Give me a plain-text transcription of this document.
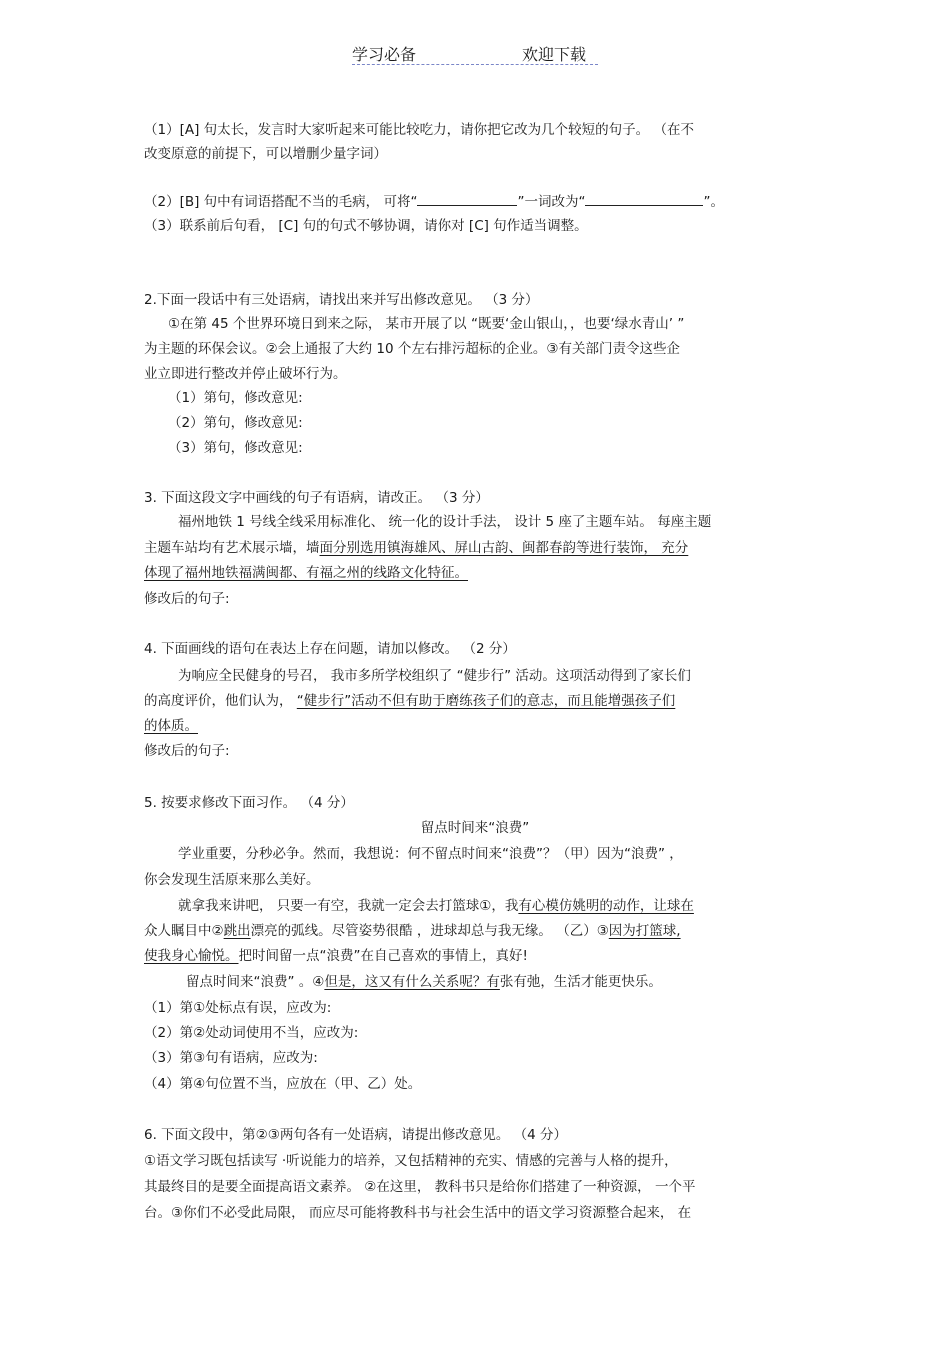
学习必备	欢迎下载
（1）[A] 句太长，发言时大家听起来可能比较吃力，请你把它改为几个较短的句子。 （在不
改变原意的前提下，可以增删少量字词）
（2）[B] 句中有词语搭配不当的毛病， 可将“	”一词改为“	”。
（3）联系前后句看， [C] 句的句式不够协调，请你对 [C] 句作适当调整。
2.下面一段话中有三处语病，请找出来并写出修改意见。 （3 分）
①在第 45 个世界环境日到来之际， 某市开展了以 “既要‘金山银山，，也要‘绿水青山’ ”
为主题的环保会议。②会上通报了大约 10 个左右排污超标的企业。③有关部门责令这些企
业立即进行整改并停止破坏行为。
（1）第句，修改意见:
（2）第句，修改意见:
（3）第句，修改意见:
3. 下面这段文字中画线的句子有语病，请改正。 （3 分）
福州地铁 1 号线全线采用标准化、 统一化的设计手法， 设计 5 座了主题车站。 每座主题
主题车站均有艺术展示墙，墙面分别选用镇海雄风、屏山古韵、闽都春韵等进行装饰， 充分
体现了福州地铁福满闽都、有福之州的线路文化特征。
修改后的句子:
4. 下面画线的语句在表达上存在问题，请加以修改。 （2 分）
为响应全民健身的号召， 我市多所学校组织了 “健步行” 活动。这项活动得到了家长们
的高度评价，他们认为， “健步行”活动不但有助于磨练孩子们的意志，而且能增强孩子们
的体质。
修改后的句子:
5. 按要求修改下面习作。 （4 分）
留点时间来“浪费”
学业重要，分秒必争。然而，我想说：何不留点时间来“浪费”？（甲）因为“浪费” ，
你会发现生活原来那么美好。
就拿我来讲吧， 只要一有空，我就一定会去打篮球①，我有心模仿姚明的动作，让球在
众人瞩目中②跳出漂亮的弧线。尽管姿势很酷 ，进球却总与我无缘。 （乙）③因为打篮球,
使我身心愉悦。把时间留一点“浪费”在自己喜欢的事情上，真好!
留点时间来“浪费” 。④但是，这又有什么关系呢？有张有弛，生活才能更快乐。
（1）第①处标点有误，应改为:
（2）第②处动词使用不当，应改为:
（3）第③句有语病，应改为:
（4）第④句位置不当，应放在（甲、乙）处。
6. 下面文段中，第②③两句各有一处语病，请提出修改意见。 （4 分）
①语文学习既包括读写 ·听说能力的培养，又包括精神的充实、情感的完善与人格的提升，
其最终目的是要全面提高语文素养。 ②在这里， 教科书只是给你们搭建了一种资源， 一个平
台。③你们不必受此局限， 而应尽可能将教科书与社会生活中的语文学习资源整合起来， 在
